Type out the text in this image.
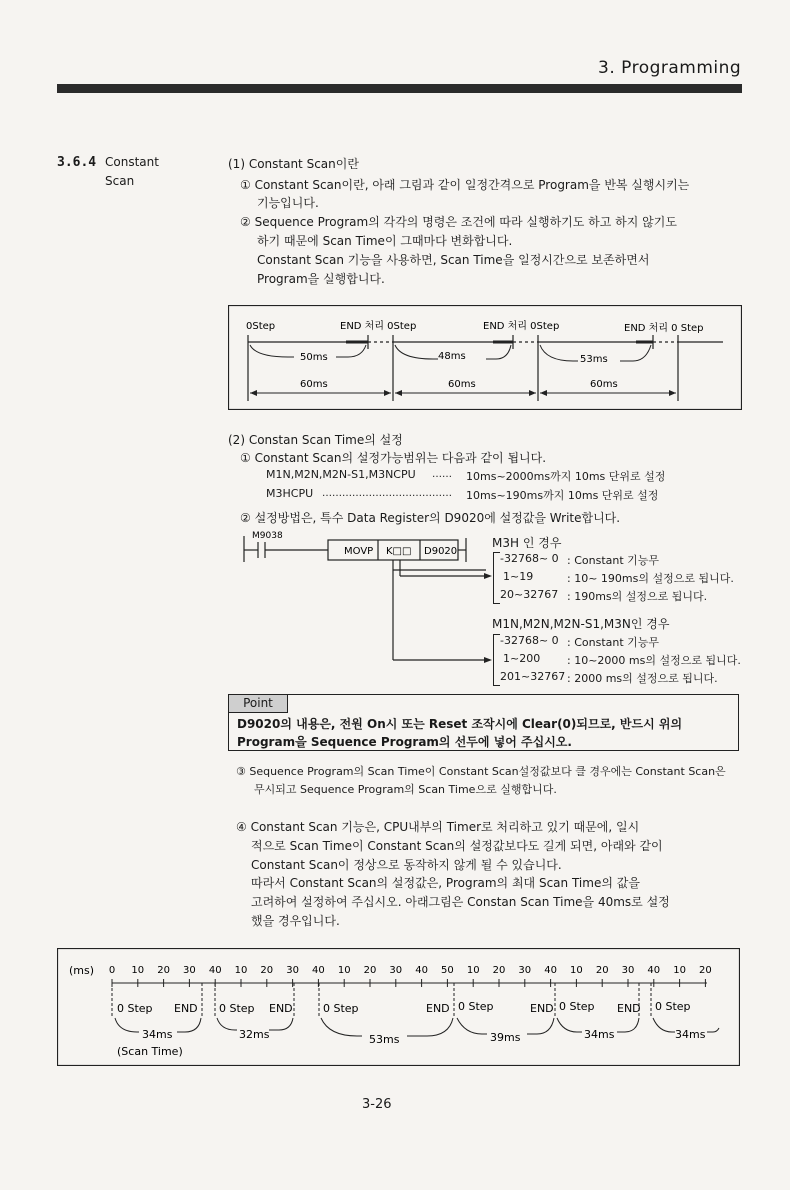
3. Programming
3.6.4 Constant
Scan
(1) Constant Scan이란
① Constant Scan이란, 아래 그림과 같이 일정간격으로 Program을 반복 실행시키는
기능입니다.
② Sequence Program의 각각의 명령은 조건에 따라 실행하기도 하고 하지 않기도
하기 때문에 Scan Time이 그때마다 변화합니다.
Constant Scan 기능을 사용하면, Scan Time을 일정시간으로 보존하면서
Program을 실행합니다.
0Step	END 처리 0Step	END 처리 0Step	END 처리 0 Step
50ms	48ms	53ms
60ms	60ms	60ms
(2) Constan Scan Time의 설정
① Constant Scan의 설정가능범위는 다음과 같이 됩니다.
M1N,M2N,M2N-S1,M3NCPU …… 10ms~2000ms까지 10ms 단위로 설정
M3HCPU ………………………………… 10ms~190ms까지 10ms 단위로 설정
② 설정방법은, 특수 Data Register의 D9020에 설정값을 Write합니다.
M9038
MOVP K□□ D9020
M3H 인 경우
-32768~ 0 : Constant 기능무
1~19	: 10~ 190ms의 설정으로 됩니다.
20~32767 : 190ms의 설정으로 됩니다.
M1N,M2N,M2N-S1,M3N인 경우
-32768~ 0 : Constant 기능무
1~200 : 10~2000 ms의 설정으로 됩니다.
201~32767 : 2000 ms의 설정으로 됩니다.
Point
D9020의 내용은, 전원 On시 또는 Reset 조작시에 Clear(0)되므로, 반드시 위의
Program을 Sequence Program의 선두에 넣어 주십시오.
③ Sequence Program의 Scan Time이 Constant Scan설정값보다 클 경우에는 Constant Scan은
무시되고 Sequence Program의 Scan Time으로 실행합니다.
④ Constant Scan 기능은, CPU내부의 Timer로 처리하고 있기 때문에, 일시
적으로 Scan Time이 Constant Scan의 설정값보다도 길게 되면, 아래와 같이
Constant Scan이 정상으로 동작하지 않게 될 수 있습니다.
따라서 Constant Scan의 설정값은, Program의 최대 Scan Time의 값을
고려하여 설정하여 주십시오. 아래그림은 Constan Scan Time을 40ms로 설정
했을 경우입니다.
(ms) 0 10 20 30 40 10 20 30 40 10 20 30 40 50 10 20 30 40 10 20 30 40 10 20
0 Step END 0 Step END	0 Step	END 0 Step	END 0 Step END 0 Step
34ms	32ms	53ms	39ms	34ms	34ms
(Scan Time)
3-26
